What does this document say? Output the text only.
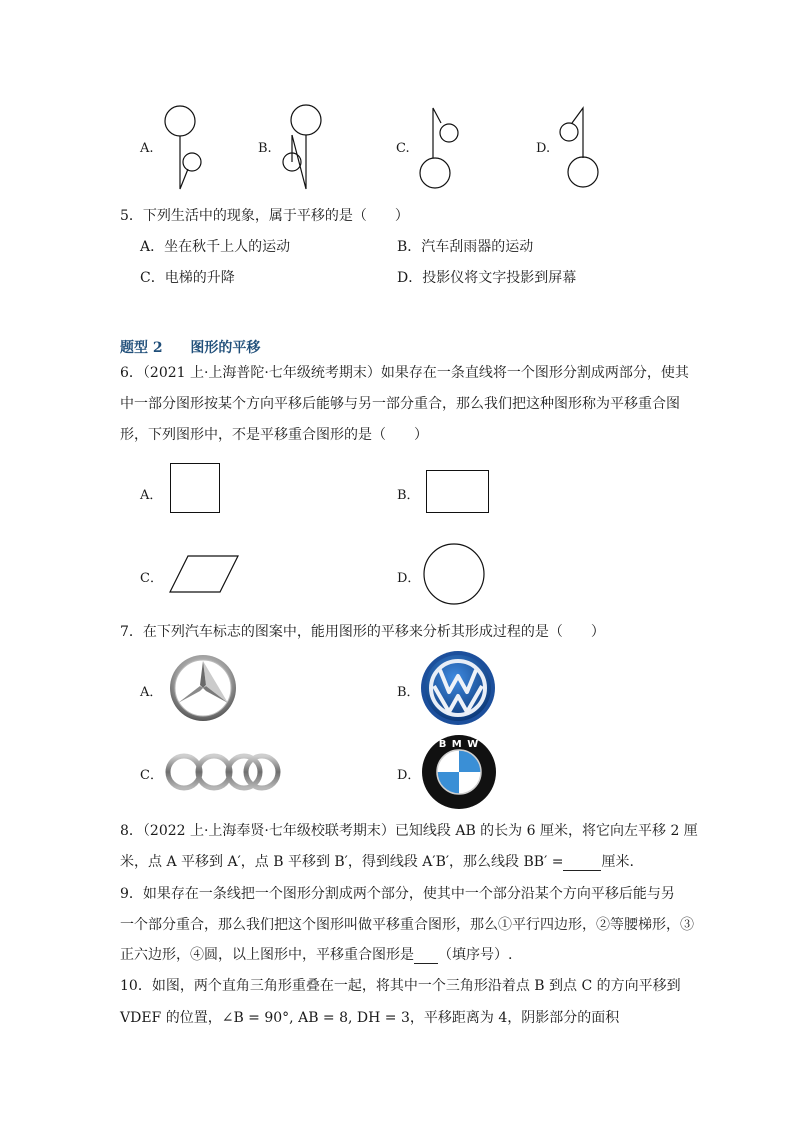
A.	B.	C.	D.
5．下列生活中的现象，属于平移的是（　　）
A．坐在秋千上人的运动	B．汽车刮雨器的运动
C．电梯的升降	D．投影仪将文字投影到屏幕
题型 2 图形的平移
6．（2021 上·上海普陀·七年级统考期末）如果存在一条直线将一个图形分割成两部分，使其
中一部分图形按某个方向平移后能够与另一部分重合，那么我们把这种图形称为平移重合图
形，下列图形中，不是平移重合图形的是（　　）
A．	B．
C．	D．
7．在下列汽车标志的图案中，能用图形的平移来分析其形成过程的是（　　）
A．	B．
C．	D．
B M W
8．（2022 上·上海奉贤·七年级校联考期末）已知线段 AB 的长为 6 厘米，将它向左平移 2 厘
米，点 A 平移到 A′，点 B 平移到 B′，得到线段 A′B′，那么线段 BB′ =	厘米.
9．如果存在一条线把一个图形分割成两个部分，使其中一个部分沿某个方向平移后能与另
一个部分重合，那么我们把这个图形叫做平移重合图形，那么①平行四边形，②等腰梯形，③
正六边形，④圆，以上图形中，平移重合图形是 （填序号）.
10．如图，两个直角三角形重叠在一起，将其中一个三角形沿着点 B 到点 C 的方向平移到
VDEF 的位置，∠B = 90°, AB = 8, DH = 3，平移距离为 4，阴影部分的面积
